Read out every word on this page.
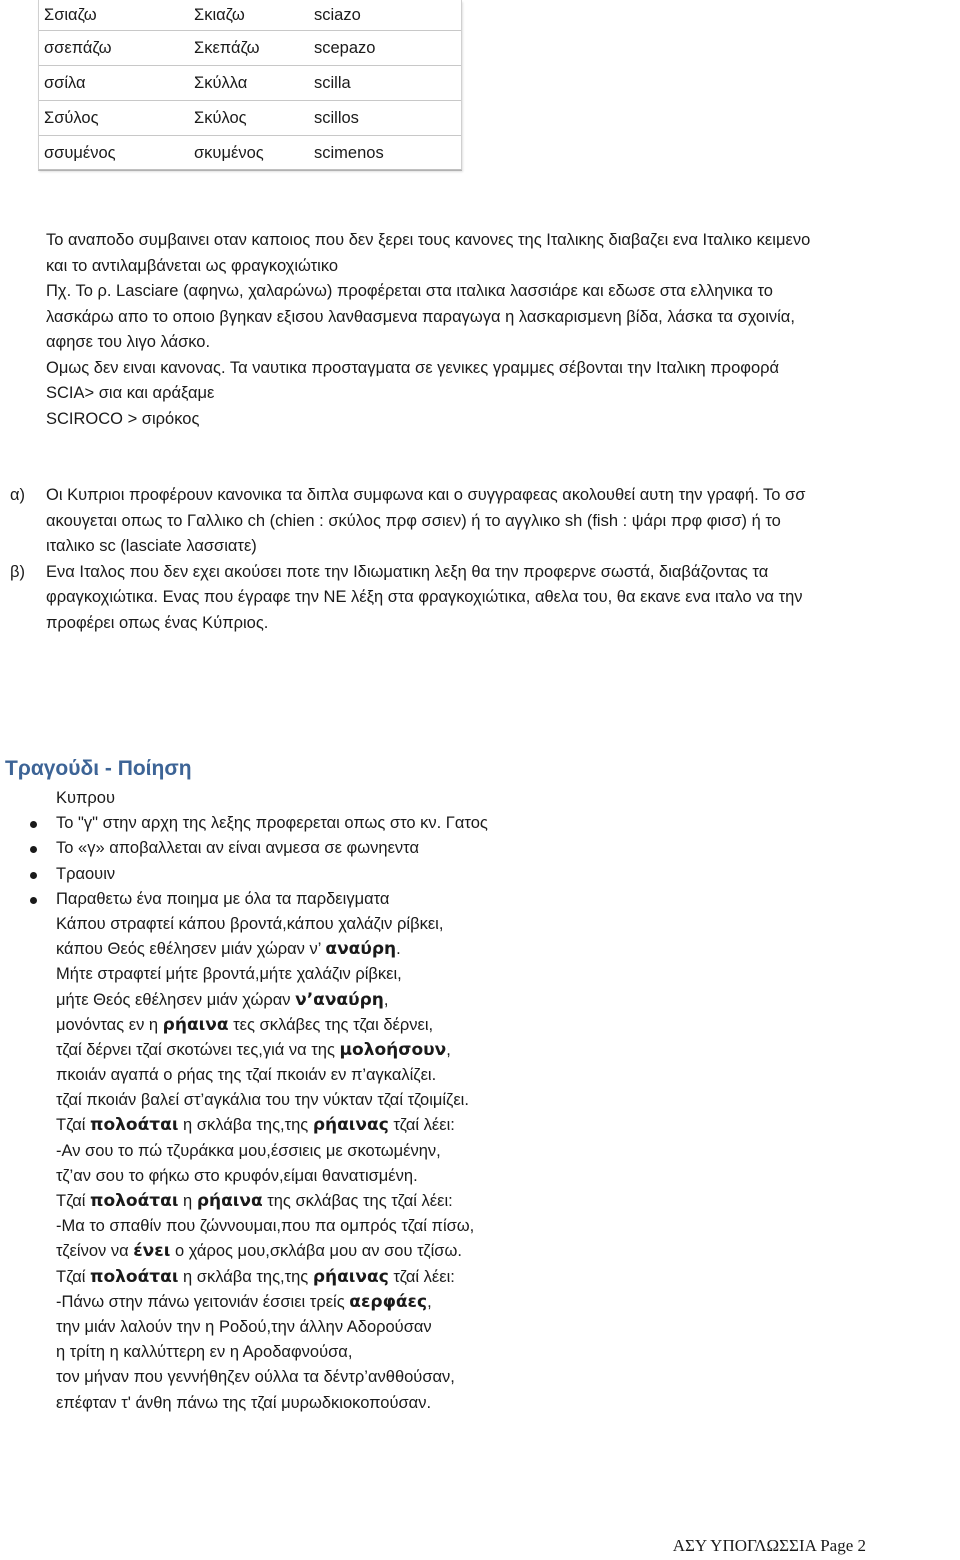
Σσιαζω	Σκιαζω	sciazo
σσεπάζω	Σκεπάζω	scepazo
σσίλα	Σκύλλα	scilla
Σσύλος	Σκύλος	scillos
σσυμένος	σκυμένος	scimenos
Το αναποδο συμβαινει οταν καποιος που δεν ξερει τους κανονες της Ιταλικης διαβαζει ενα Ιταλικο κειμενο
και το αντιλαμβάνεται ως φραγκοχιώτικο
Πχ. Το ρ. Lasciare (αφηνω, χαλαρώνω) προφέρεται στα ιταλικα λασσιάρε και εδωσε στα ελληνικα το
λασκάρω απο το οποιο βγηκαν εξισου λανθασμενα παραγωγα η λασκαρισμενη βίδα, λάσκα τα σχοινία,
αφησε του λιγο λάσκο.
Ομως δεν ειναι κανονας. Τα ναυτικα προσταγματα σε γενικες γραμμες σέβονται την Ιταλικη προφορά
SCIA> σια και αράξαμε
SCIROCO > σιρόκος
α) Οι Κυπριοι προφέρουν κανονικα τα διπλα συμφωνα και ο συγγραφεας ακολουθεί αυτη την γραφή. Το σσ
ακουγεται οπως το Γαλλικο ch (chien : σκύλος πρφ σσιεν) ή το αγγλικο sh (fish : ψάρι πρφ φισσ) ή το
ιταλικο sc (lasciate λασσιατε)
β) Ενα Ιταλος που δεν εχει ακούσει ποτε την Ιδιωματικη λεξη θα την προφερνε σωστά, διαβάζοντας τα
φραγκοχιώτικα. Ενας που έγραφε την ΝΕ λέξη στα φραγκοχιώτικα, αθελα του, θα εκανε ενα ιταλο να την
προφέρει οπως ένας Κύπριος.
Τραγούδι - Ποίηση
Κυπρου
Το "γ" στην αρχη της λεξης προφερεται οπως στο κν. Γατος
Το «γ» αποβαλλεται αν είναι ανμεσα σε φωνηεντα
Τραουιν
Παραθετω ένα ποιημα με όλα τα παρδειγματα
Κάπου στραφτεί κάπου βροντά,κάπου χαλάζιν ρίβκει,
κάπου Θεός εθέλησεν μιάν χώραν ν’ αναύρη.
Μήτε στραφτεί μήτε βροντά,μήτε χαλάζιν ρίβκει,
μήτε Θεός εθέλησεν μιάν χώραν ν’αναύρη,
μονόντας εν η ρήαινα τες σκλάβες της τζαι δέρνει,
τζαί δέρνει τζαί σκοτώνει τες,γιά να της μολοήσουν,
πκοιάν αγαπά ο ρήας της τζαί πκοιάν εν π’αγκαλίζει.
τζαί πκοιάν βαλεί στ’αγκάλια του την νύκταν τζαί τζοιμίζει.
Τζαί πολοάται η σκλάβα της,της ρήαινας τζαί λέει:
-Αν σου το πώ τζυράκκα μου,έσσιεις με σκοτωμένην,
τζ’αν σου το φήκω στο κρυφόν,είμαι θανατισμένη.
Τζαί πολοάται η ρήαινα της σκλάβας της τζαί λέει:
-Μα το σπαθίν που ζώννουμαι,που πα ομπρός τζαί πίσω,
τζείνον να ένει ο χάρος μου,σκλάβα μου αν σου τζίσω.
Τζαί πολοάται η σκλάβα της,της ρήαινας τζαί λέει:
-Πάνω στην πάνω γειτονιάν έσσιει τρείς αερφάες,
την μιάν λαλούν την η Ροδού,την άλλην Αδορούσαν
η τρίτη η καλλύττερη εν η Αροδαφνούσα,
τον μήναν που γεννήθηζεν ούλλα τα δέντρ’ανθθούσαν,
επέφταν τ' άνθη πάνω της τζαί μυρωδκιοκοπούσαν.
ΑΣΥ ΥΠΟΓΛΩΣΣΙΑ Page 2
